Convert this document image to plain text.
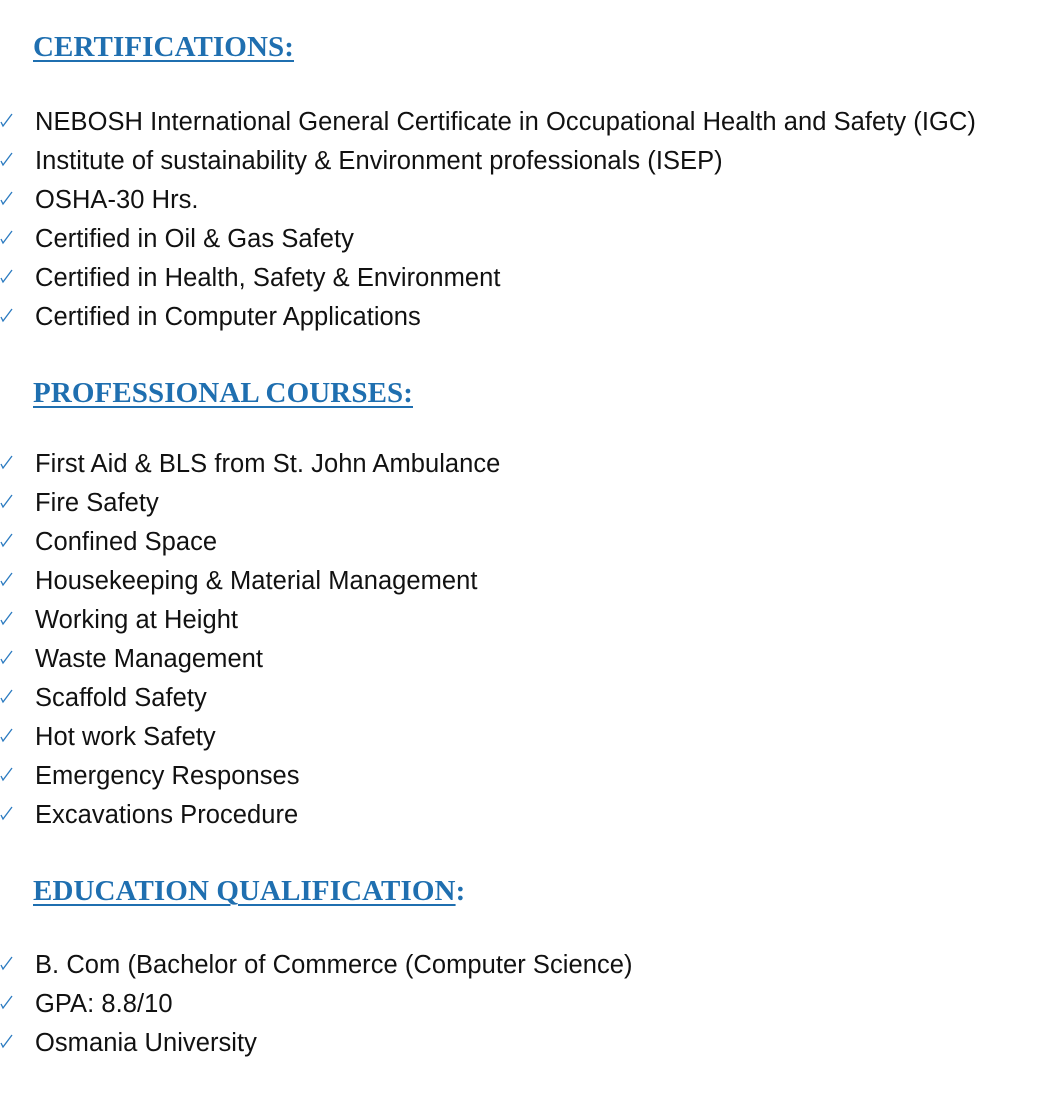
CERTIFICATIONS:
NEBOSH International General Certificate in Occupational Health and Safety (IGC)
Institute of sustainability & Environment professionals (ISEP)
OSHA-30 Hrs.
Certified in Oil & Gas Safety
Certified in Health, Safety & Environment
Certified in Computer Applications
PROFESSIONAL COURSES:
First Aid & BLS from St. John Ambulance
Fire Safety
Confined Space
Housekeeping & Material Management
Working at Height
Waste Management
Scaffold Safety
Hot work Safety
Emergency Responses
Excavations Procedure
EDUCATION QUALIFICATION:
B. Com (Bachelor of Commerce (Computer Science)
GPA: 8.8/10
Osmania University
